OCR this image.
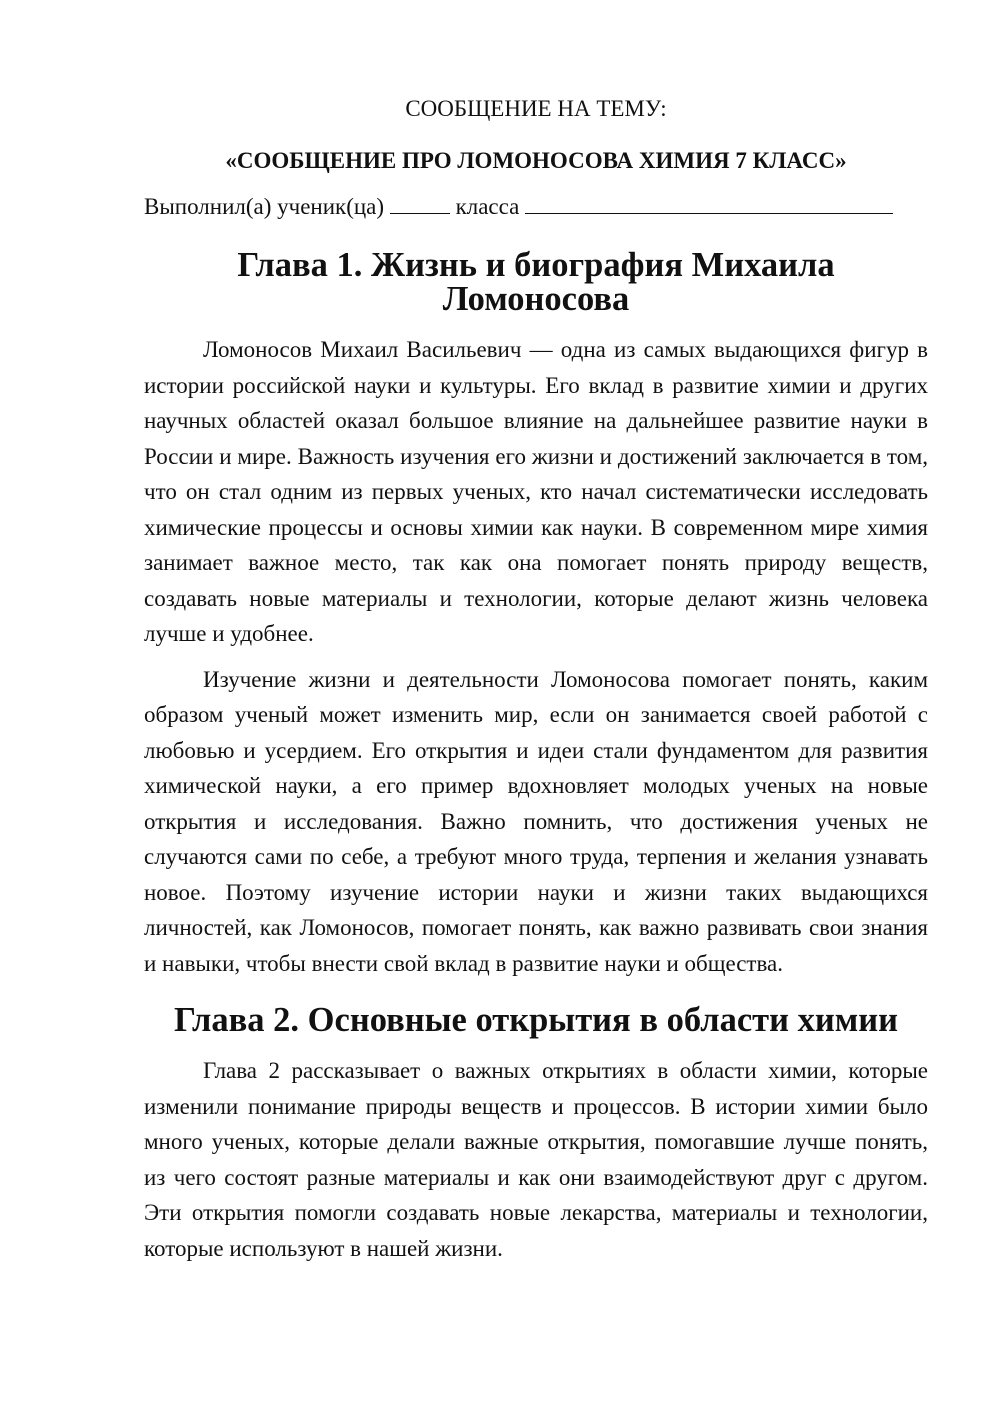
СООБЩЕНИЕ НА ТЕМУ:

«СООБЩЕНИЕ ПРО ЛОМОНОСОВА ХИМИЯ 7 КЛАСС»

Выполнил(а) ученик(ца)	класса

Глава 1. Жизнь и биография Михаила Ломоносова

Ломоносов Михаил Васильевич — одна из самых выдающихся фигур в истории российской науки и культуры. Его вклад в развитие химии и других научных областей оказал большое влияние на дальнейшее развитие науки в России и мире. Важность изучения его жизни и достижений заключается в том, что он стал одним из первых ученых, кто начал систематически исследовать химические процессы и основы химии как науки. В современном мире химия занимает важное место, так как она помогает понять природу веществ, создавать новые материалы и технологии, которые делают жизнь человека лучше и удобнее.

Изучение жизни и деятельности Ломоносова помогает понять, каким образом ученый может изменить мир, если он занимается своей работой с любовью и усердием. Его открытия и идеи стали фундаментом для развития химической науки, а его пример вдохновляет молодых ученых на новые открытия и исследования. Важно помнить, что достижения ученых не случаются сами по себе, а требуют много труда, терпения и желания узнавать новое. Поэтому изучение истории науки и жизни таких выдающихся личностей, как Ломоносов, помогает понять, как важно развивать свои знания и навыки, чтобы внести свой вклад в развитие науки и общества.

Глава 2. Основные открытия в области химии

Глава 2 рассказывает о важных открытиях в области химии, которые изменили понимание природы веществ и процессов. В истории химии было много ученых, которые делали важные открытия, помогавшие лучше понять, из чего состоят разные материалы и как они взаимодействуют друг с другом. Эти открытия помогли создавать новые лекарства, материалы и технологии, которые используют в нашей жизни.
